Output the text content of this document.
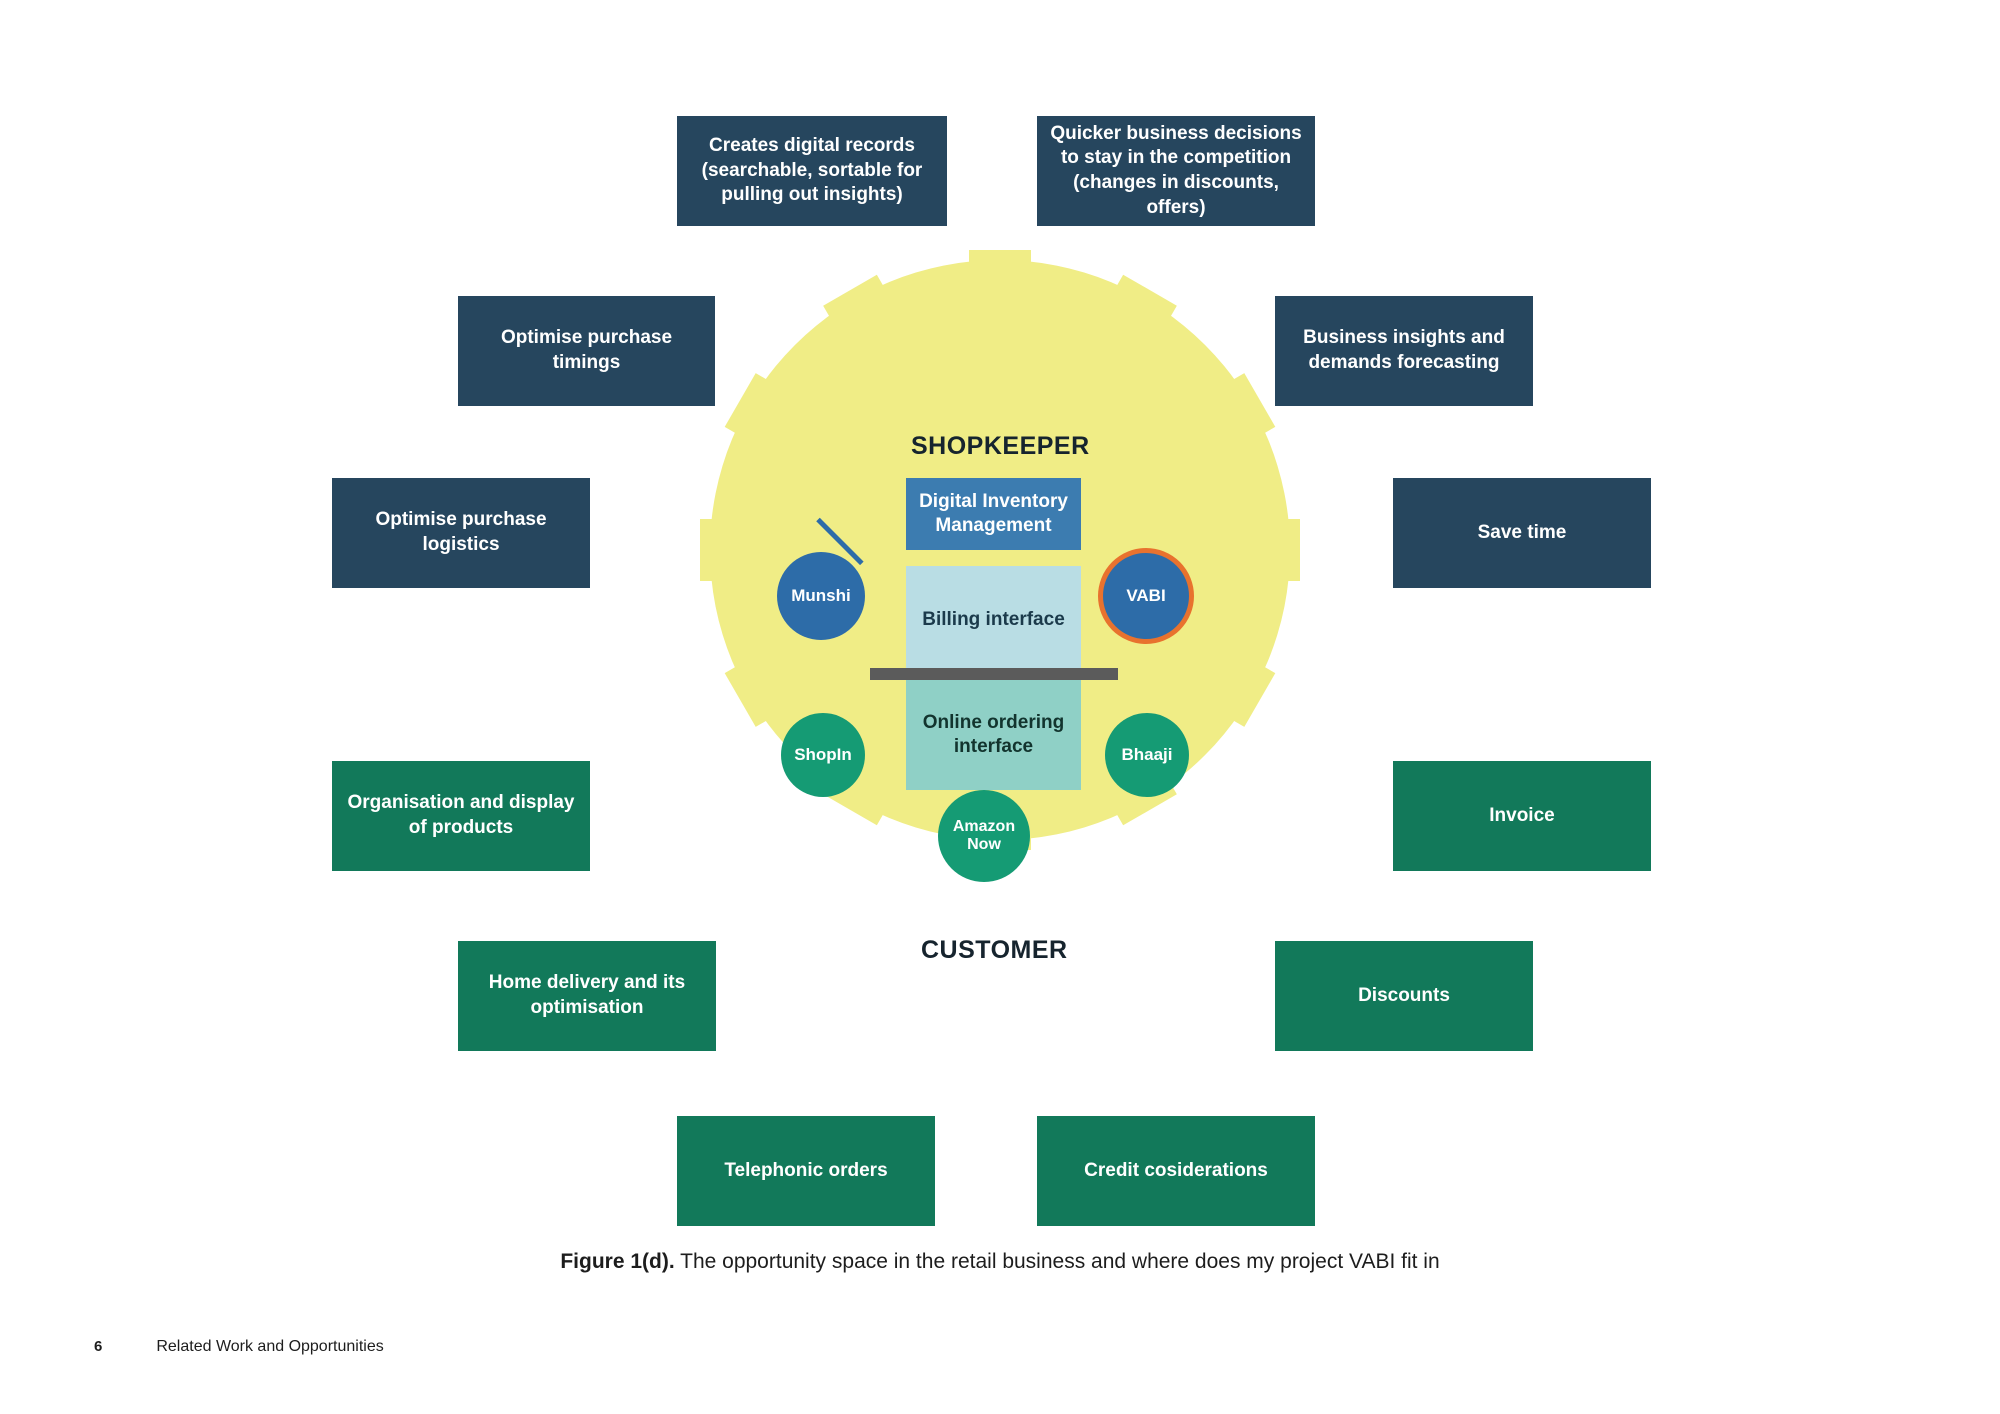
SHOPKEEPER
CUSTOMER
Digital Inventory Management
Billing interface
Online ordering interface
Munshi	VABI
ShopIn	Bhaaji
Amazon Now
Creates digital records (searchable, sortable for pulling out insights)
Quicker business decisions to stay in the competition (changes in discounts, offers)
Optimise purchase timings
Business insights and demands forecasting
Optimise purchase logistics
Save time
Organisation and display of products
Invoice
Home delivery and its optimisation
Discounts
Telephonic orders	Credit cosiderations
Figure 1(d). The opportunity space in the retail business and where does my project VABI fit in
6	Related Work and Opportunities
